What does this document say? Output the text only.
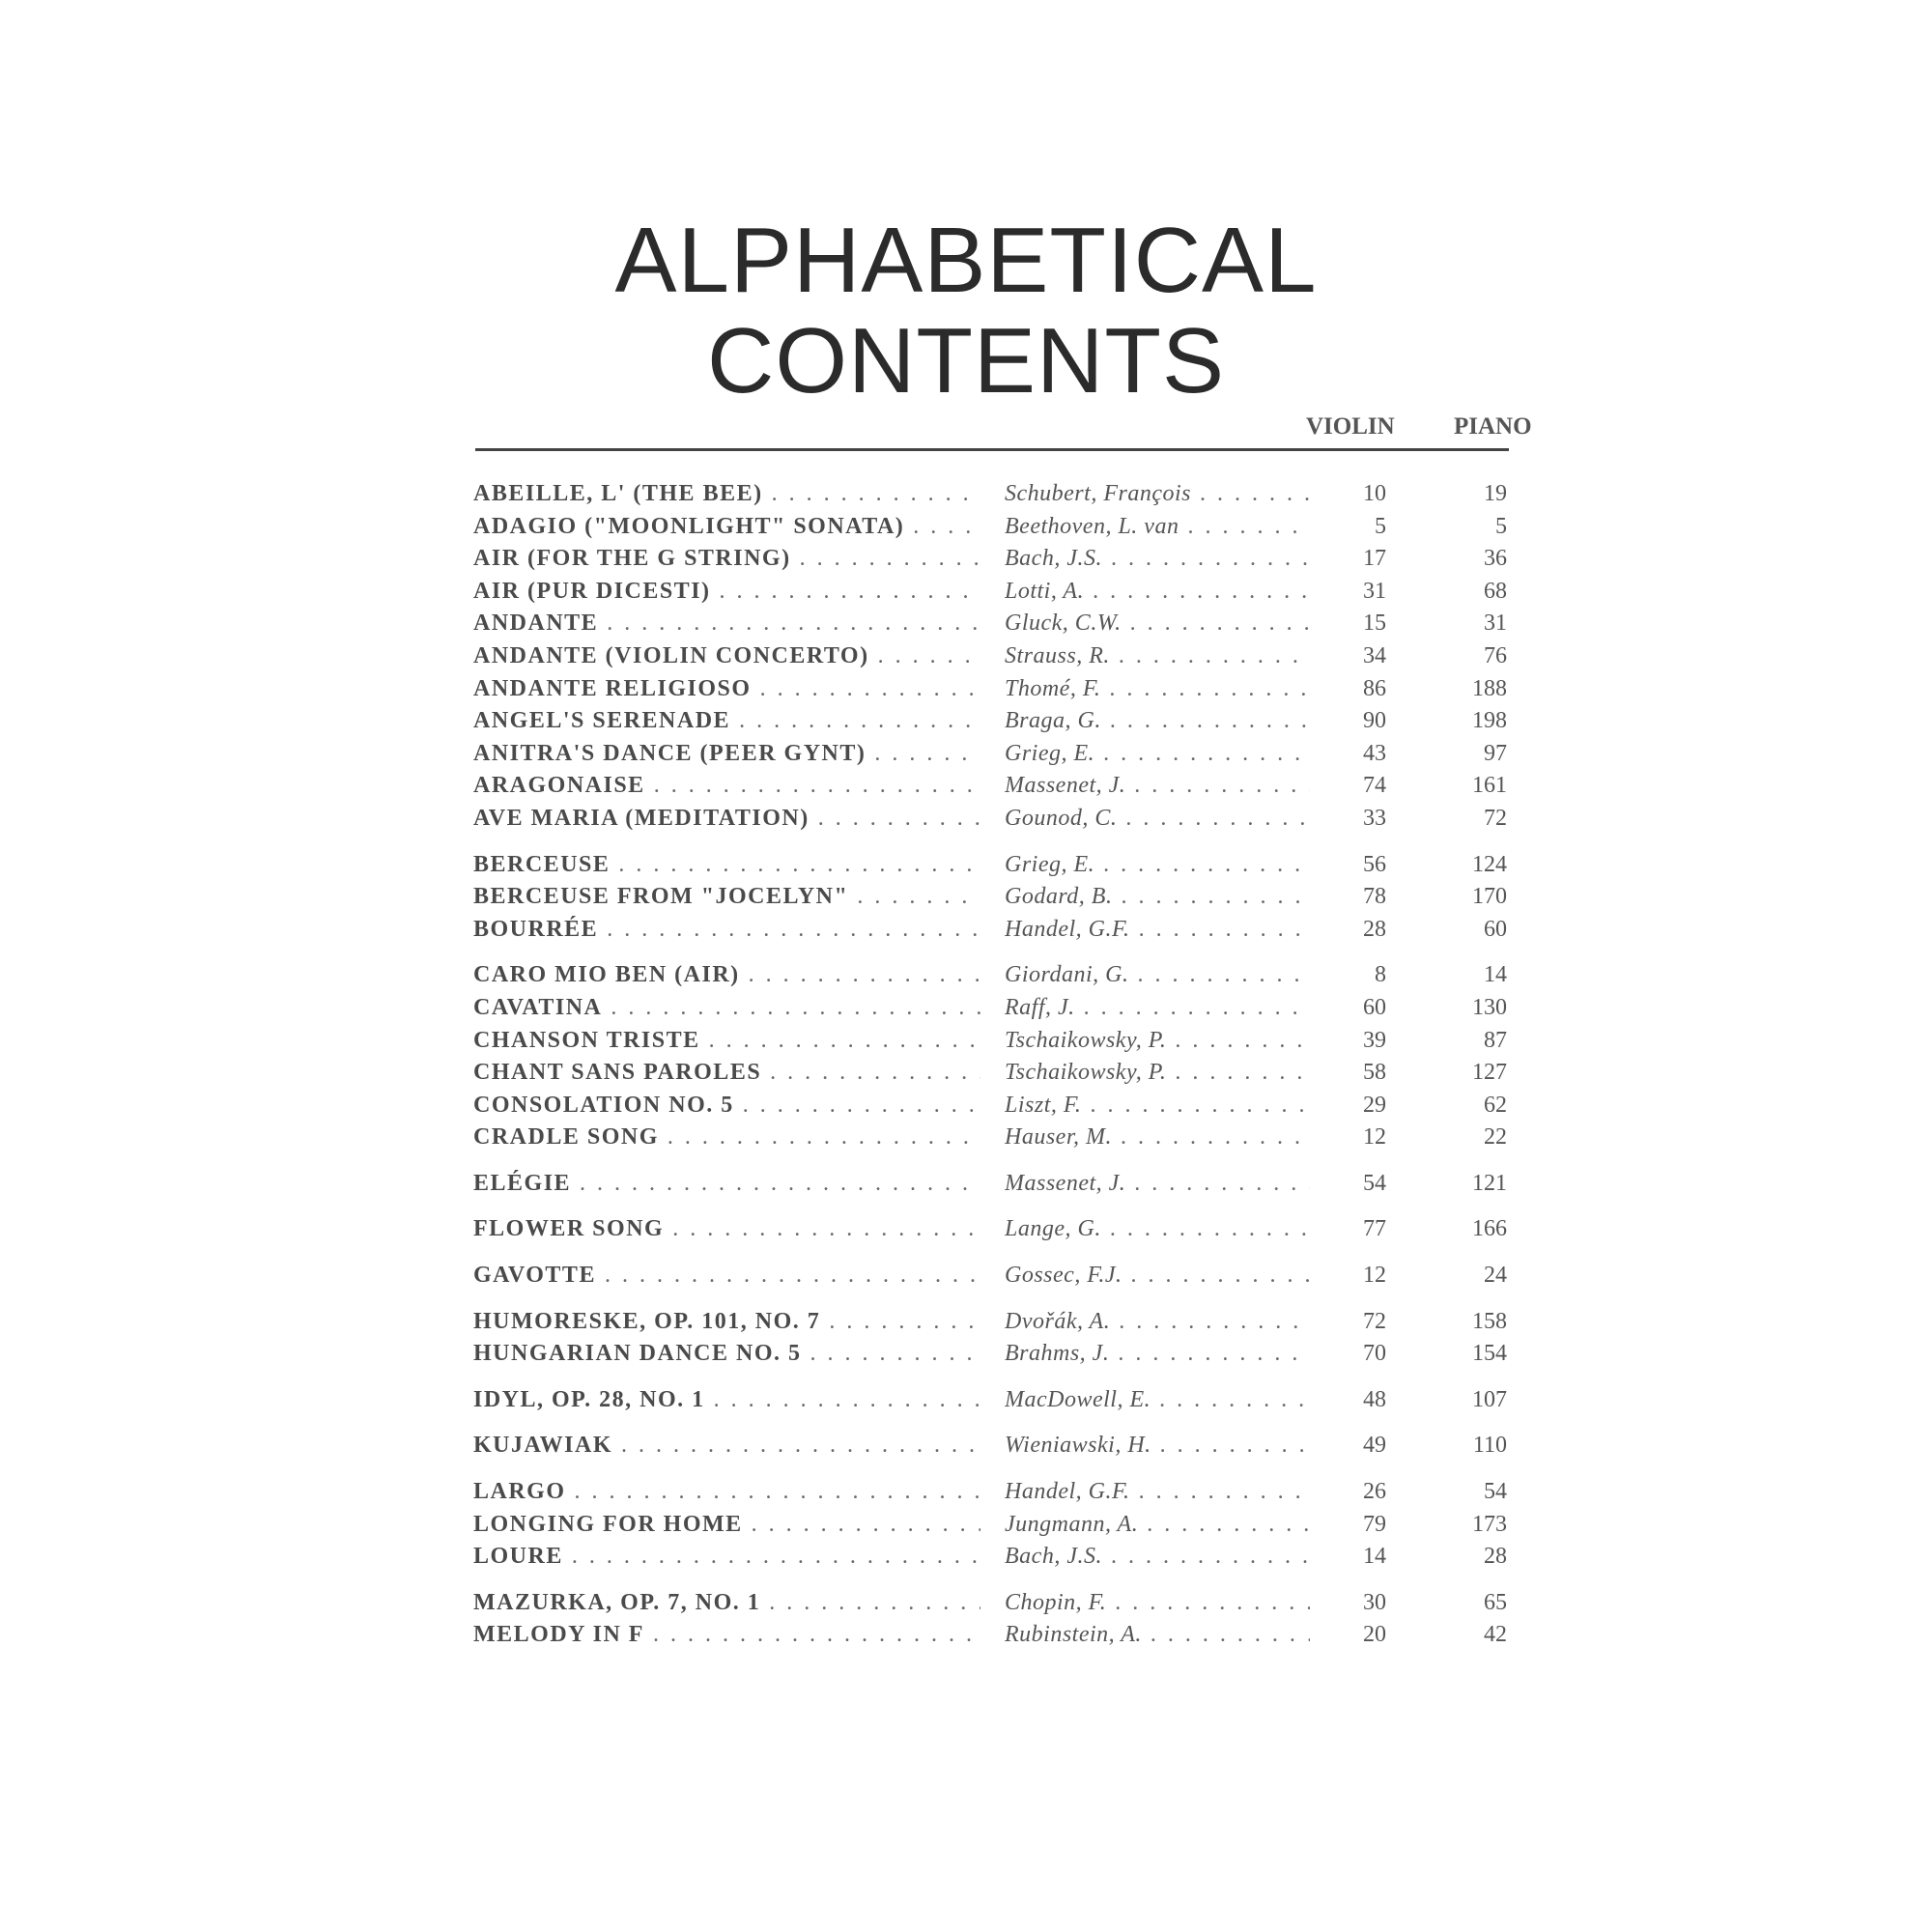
ALPHABETICAL
CONTENTS
VIOLIN PIANO
ABEILLE, L' (THE BEE) . . .	Schubert, François . . .	10	19
ADAGIO ("MOONLIGHT" SONATA) . . .	Beethoven, L. van . . .	5	5
AIR (FOR THE G STRING) . . .	Bach, J.S. . . .	17	36
AIR (PUR DICESTI) . . .	Lotti, A. . . .	31	68
ANDANTE . . .	Gluck, C.W. . . .	15	31
ANDANTE (VIOLIN CONCERTO) . . .	Strauss, R. . . .	34	76
ANDANTE RELIGIOSO . . .	Thomé, F. . . .	86	188
ANGEL'S SERENADE . . .	Braga, G. . . .	90	198
ANITRA'S DANCE (PEER GYNT) . . .	Grieg, E. . . .	43	97
ARAGONAISE . . .	Massenet, J. . . .	74	161
AVE MARIA (MEDITATION) . . .	Gounod, C. . . .	33	72
BERCEUSE . . .	Grieg, E. . . .	56	124
BERCEUSE FROM "JOCELYN" . . .	Godard, B. . . .	78	170
BOURRÉE . . .	Handel, G.F. . . .	28	60
CARO MIO BEN (AIR) . . .	Giordani, G. . . .	8	14
CAVATINA . . .	Raff, J. . . .	60	130
CHANSON TRISTE . . .	Tschaikowsky, P. . . .	39	87
CHANT SANS PAROLES . . .	Tschaikowsky, P. . . .	58	127
CONSOLATION NO. 5 . . .	Liszt, F. . . .	29	62
CRADLE SONG . . .	Hauser, M. . . .	12	22
ELÉGIE . . .	Massenet, J. . . .	54	121
FLOWER SONG . . .	Lange, G. . . .	77	166
GAVOTTE . . .	Gossec, F.J. . . .	12	24
HUMORESKE, OP. 101, NO. 7 . . .	Dvořák, A. . . .	72	158
HUNGARIAN DANCE NO. 5 . . .	Brahms, J. . . .	70	154
IDYL, OP. 28, NO. 1 . . .	MacDowell, E. . . .	48	107
KUJAWIAK . . .	Wieniawski, H. . . .	49	110
LARGO . . .	Handel, G.F. . . .	26	54
LONGING FOR HOME . . .	Jungmann, A. . . .	79	173
LOURE . . .	Bach, J.S. . . .	14	28
MAZURKA, OP. 7, NO. 1 . . .	Chopin, F. . . .	30	65
MELODY IN F . . .	Rubinstein, A. . . .	20	42
